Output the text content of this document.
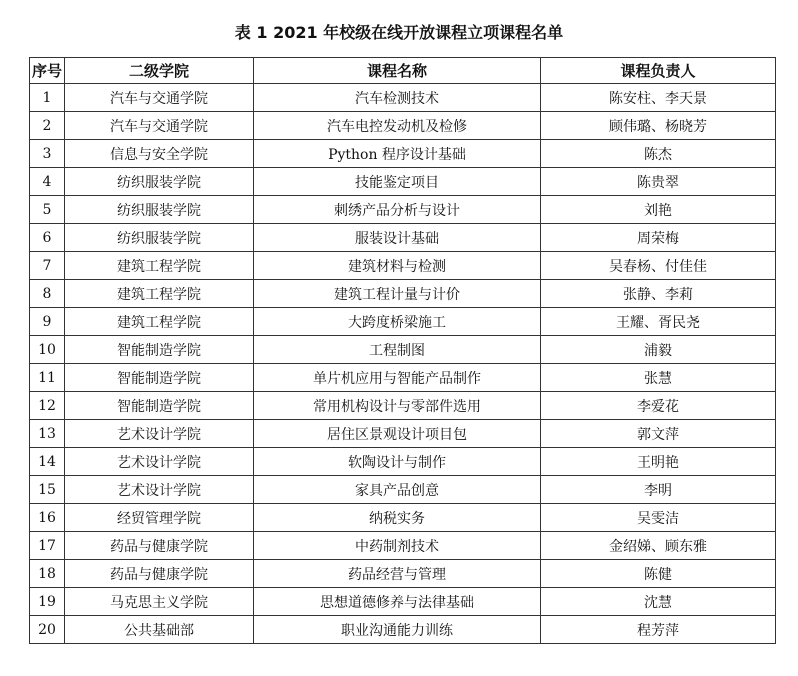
表 1 2021 年校级在线开放课程立项课程名单
序号	二级学院	课程名称	课程负责人
1	汽车与交通学院	汽车检测技术	陈安柱、李天景
2	汽车与交通学院	汽车电控发动机及检修	顾伟璐、杨晓芳
3	信息与安全学院	Python 程序设计基础	陈杰
4	纺织服装学院	技能鉴定项目	陈贵翠
5	纺织服装学院	刺绣产品分析与设计	刘艳
6	纺织服装学院	服装设计基础	周荣梅
7	建筑工程学院	建筑材料与检测	吴春杨、付佳佳
8	建筑工程学院	建筑工程计量与计价	张静、李莉
9	建筑工程学院	大跨度桥梁施工	王耀、胥民尧
10	智能制造学院	工程制图	浦毅
11	智能制造学院	单片机应用与智能产品制作	张慧
12	智能制造学院	常用机构设计与零部件选用	李爱花
13	艺术设计学院	居住区景观设计项目包	郭文萍
14	艺术设计学院	软陶设计与制作	王明艳
15	艺术设计学院	家具产品创意	李明
16	经贸管理学院	纳税实务	吴雯洁
17	药品与健康学院	中药制剂技术	金绍娣、顾东雅
18	药品与健康学院	药品经营与管理	陈健
19	马克思主义学院	思想道德修养与法律基础	沈慧
20	公共基础部	职业沟通能力训练	程芳萍
